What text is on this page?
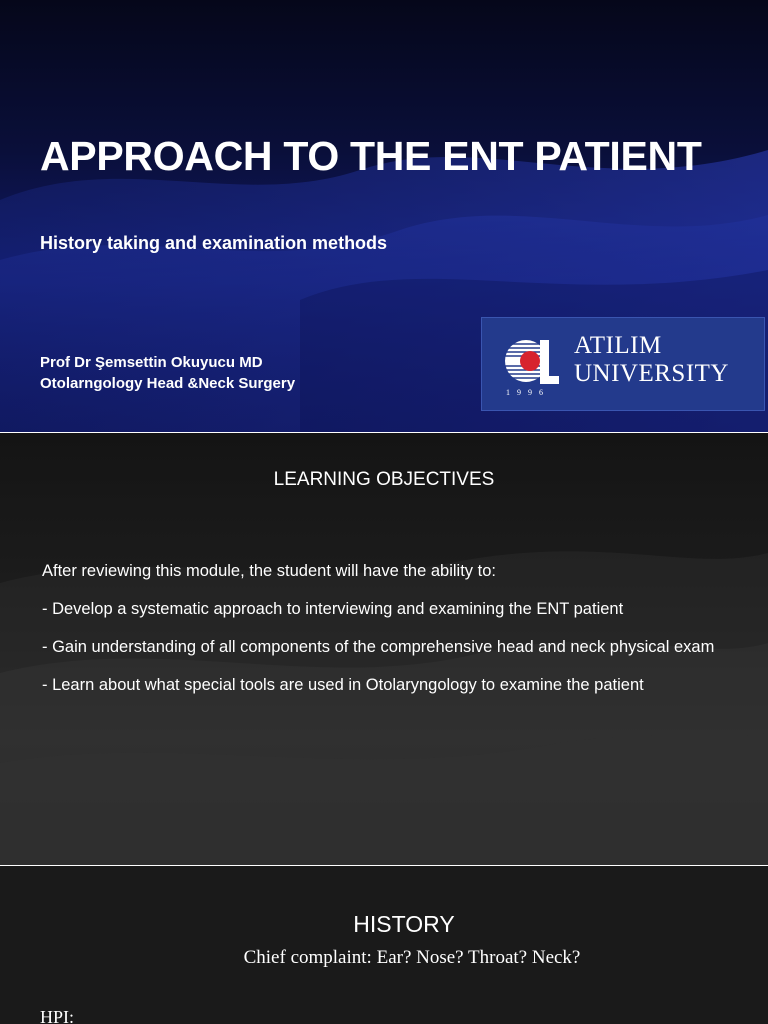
APPROACH TO THE ENT PATIENT
History taking and examination methods
Prof Dr Şemsettin Okuyucu MD
Otolarngology Head &Neck Surgery
ATILIM
UNIVERSITY
1996
LEARNING OBJECTIVES

After reviewing this module, the student will have the ability to:

- Develop a systematic approach to interviewing and examining the ENT patient

- Gain understanding of all components of the comprehensive head and neck physical exam

- Learn about what special tools are used in Otolaryngology to examine the patient

HISTORY
Chief complaint: Ear? Nose? Throat? Neck?
HPI:
